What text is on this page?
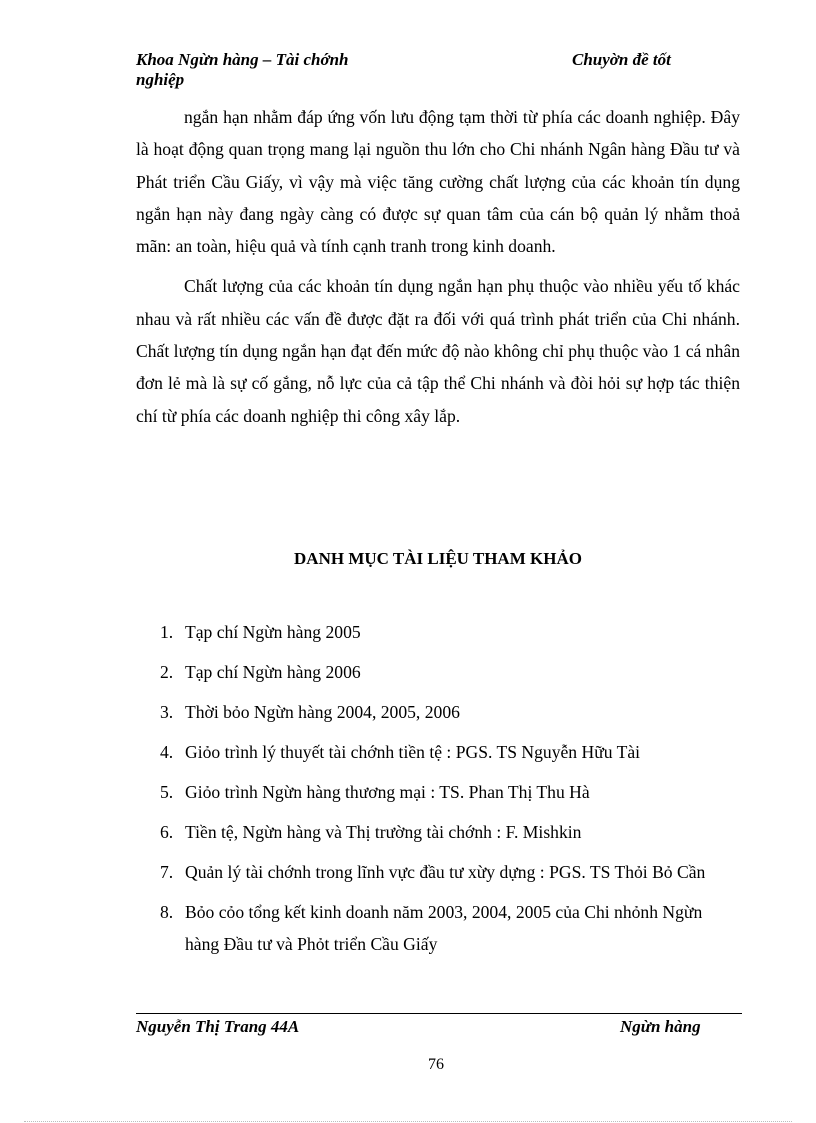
Khoa Ngừn hàng – Tài chớnh nghiệp
Chuyờn đề tốt

ngắn hạn nhằm đáp ứng vốn lưu động tạm thời từ phía các doanh nghiệp. Đây là hoạt động quan trọng mang lại nguồn thu lớn cho Chi nhánh Ngân hàng Đầu tư và Phát triển Cầu Giấy, vì vậy mà việc tăng cường chất lượng của các khoản tín dụng ngắn hạn này đang ngày càng có được sự quan tâm của cán bộ quản lý nhằm thoả mãn: an toàn, hiệu quả và tính cạnh tranh trong kinh doanh.

Chất lượng của các khoản tín dụng ngắn hạn phụ thuộc vào nhiều yếu tố khác nhau và rất nhiều các vấn đề được đặt ra đối với quá trình phát triển của Chi nhánh. Chất lượng tín dụng ngắn hạn đạt đến mức độ nào không chỉ phụ thuộc vào 1 cá nhân đơn lẻ mà là sự cố gắng, nỗ lực của cả tập thể Chi nhánh và đòi hỏi sự hợp tác thiện chí từ phía các doanh nghiệp thi công xây lắp.

DANH MỤC TÀI LIỆU THAM KHẢO
1. Tạp chí Ngừn hàng 2005
2. Tạp chí Ngừn hàng 2006
3. Thời bỏo Ngừn hàng 2004, 2005, 2006
4. Giỏo trình lý thuyết tài chớnh tiền tệ : PGS. TS Nguyễn Hữu Tài
5. Giỏo trình Ngừn hàng thương mại : TS. Phan Thị Thu Hà
6. Tiền tệ, Ngừn hàng và Thị trường tài chớnh : F. Mishkin
7. Quản lý tài chớnh trong lĩnh vực đầu tư xừy dựng : PGS. TS Thỏi Bỏ Cần
8. Bỏo cỏo tổng kết kinh doanh năm 2003, 2004, 2005 của Chi nhỏnh Ngừn hàng Đầu tư và Phỏt triển Cầu Giấy
Nguyễn Thị Trang 44A	Ngừn hàng
76
